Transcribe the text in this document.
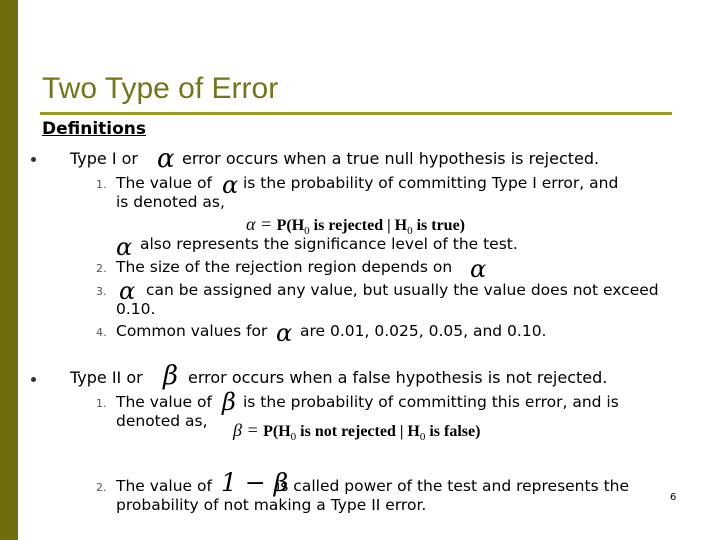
Two Type of Error
Definitions
Type I or α error occurs when a true null hypothesis is rejected.
1. The value of α is the probability of committing Type I error, and
is denoted as,
$\alpha = P(H_0$ is rejected | $H_0$ is true)
α also represents the significance level of the test.
2. The size of the rejection region depends on α
3. α can be assigned any value, but usually the value does not exceed
0.10.
4. Common values for α are 0.01, 0.025, 0.05, and 0.10.
Type II or β error occurs when a false hypothesis is not rejected.
1. The value of β is the probability of committing this error, and is
denoted as, $\beta = P(H_0$ is not rejected | $H_0$ is false)
2. The value of 1 − β
is called power of the test and represents the
probability of not making a Type II error.	6
